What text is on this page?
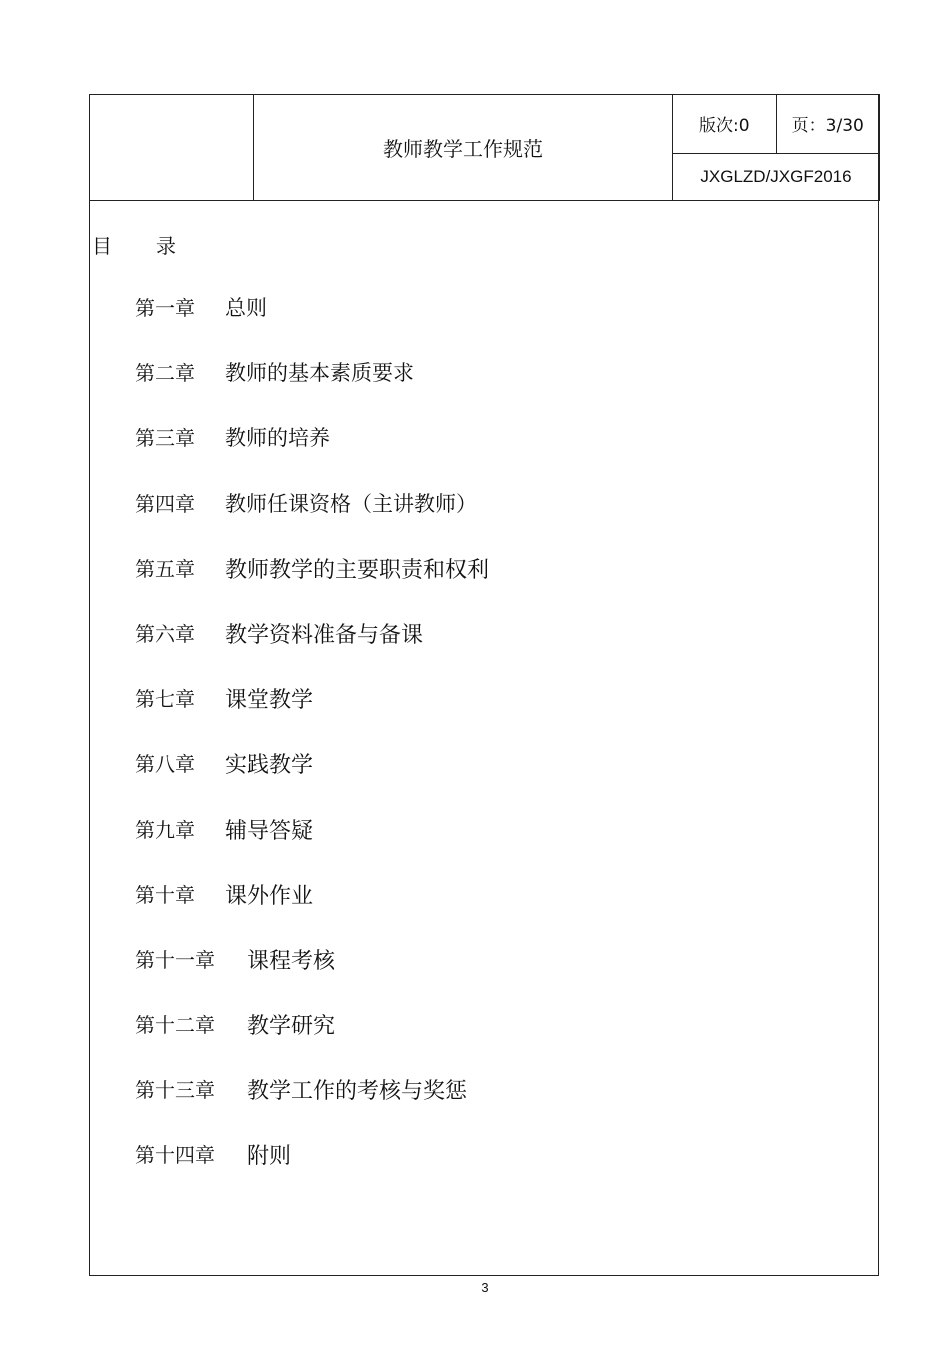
	教师教学工作规范	版次:0	页：3/30
JXGLZD/JXGF2016
目 录
第一章	总则
第二章	教师的基本素质要求
第三章	教师的培养
第四章	教师任课资格（主讲教师）
第五章	教师教学的主要职责和权利
第六章	教学资料准备与备课
第七章	课堂教学
第八章	实践教学
第九章	辅导答疑
第十章	课外作业
第十一章	课程考核
第十二章	教学研究
第十三章	教学工作的考核与奖惩
第十四章	附则
3
